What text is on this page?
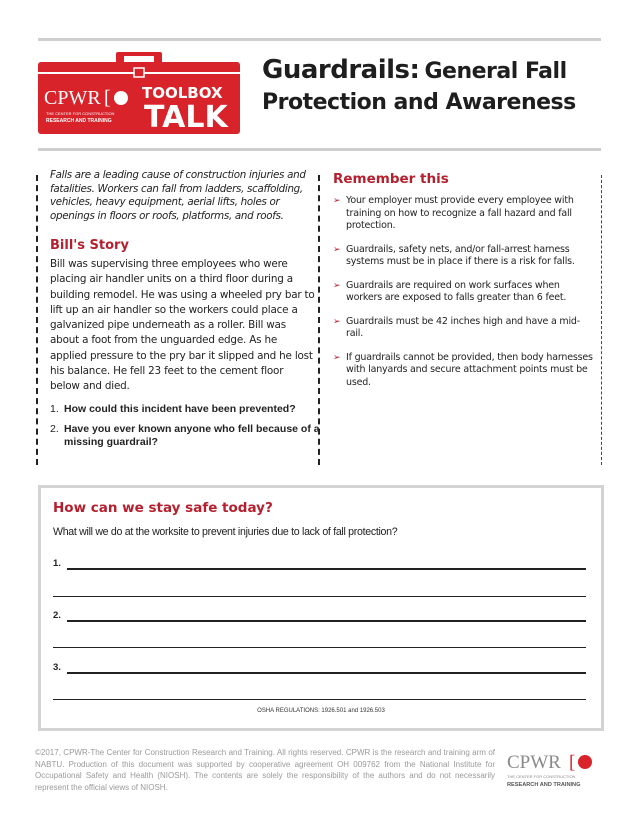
CPWR [
THE CENTER FOR CONSTRUCTION
RESEARCH AND TRAINING
TOOLBOX
TALK
Guardrails: General Fall
Protection and Awareness
Falls are a leading cause of construction injuries and fatalities. Workers can fall from ladders, scaffolding, vehicles, heavy equipment, aerial lifts, holes or openings in floors or roofs, platforms, and roofs.
Bill's Story
Bill was supervising three employees who were placing air handler units on a third floor during a building remodel. He was using a wheeled pry bar to lift up an air handler so the workers could place a galvanized pipe underneath as a roller. Bill was about a foot from the unguarded edge. As he applied pressure to the pry bar it slipped and he lost his balance. He fell 23 feet to the cement floor below and died.
1. How could this incident have been prevented?
2. Have you ever known anyone who fell because of a missing guardrail?
Remember this
➢ Your employer must provide every employee with training on how to recognize a fall hazard and fall protection.
➢ Guardrails, safety nets, and/or fall-arrest harness systems must be in place if there is a risk for falls.
➢ Guardrails are required on work surfaces when workers are exposed to falls greater than 6 feet.
➢ Guardrails must be 42 inches high and have a mid-rail.
➢ If guardrails cannot be provided, then body harnesses with lanyards and secure attachment points must be used.
How can we stay safe today?
What will we do at the worksite to prevent injuries due to lack of fall protection?
1.
2.
3.
OSHA REGULATIONS: 1926.501 and 1926.503
©2017, CPWR-The Center for Construction Research and Training. All rights reserved. CPWR is the research and training arm of NABTU. Production of this document was supported by cooperative agreement OH 009762 from the National Institute for Occupational Safety and Health (NIOSH). The contents are solely the responsibility of the authors and do not necessarily represent the official views of NIOSH.
CPWR [
THE CENTER FOR CONSTRUCTION
RESEARCH AND TRAINING
